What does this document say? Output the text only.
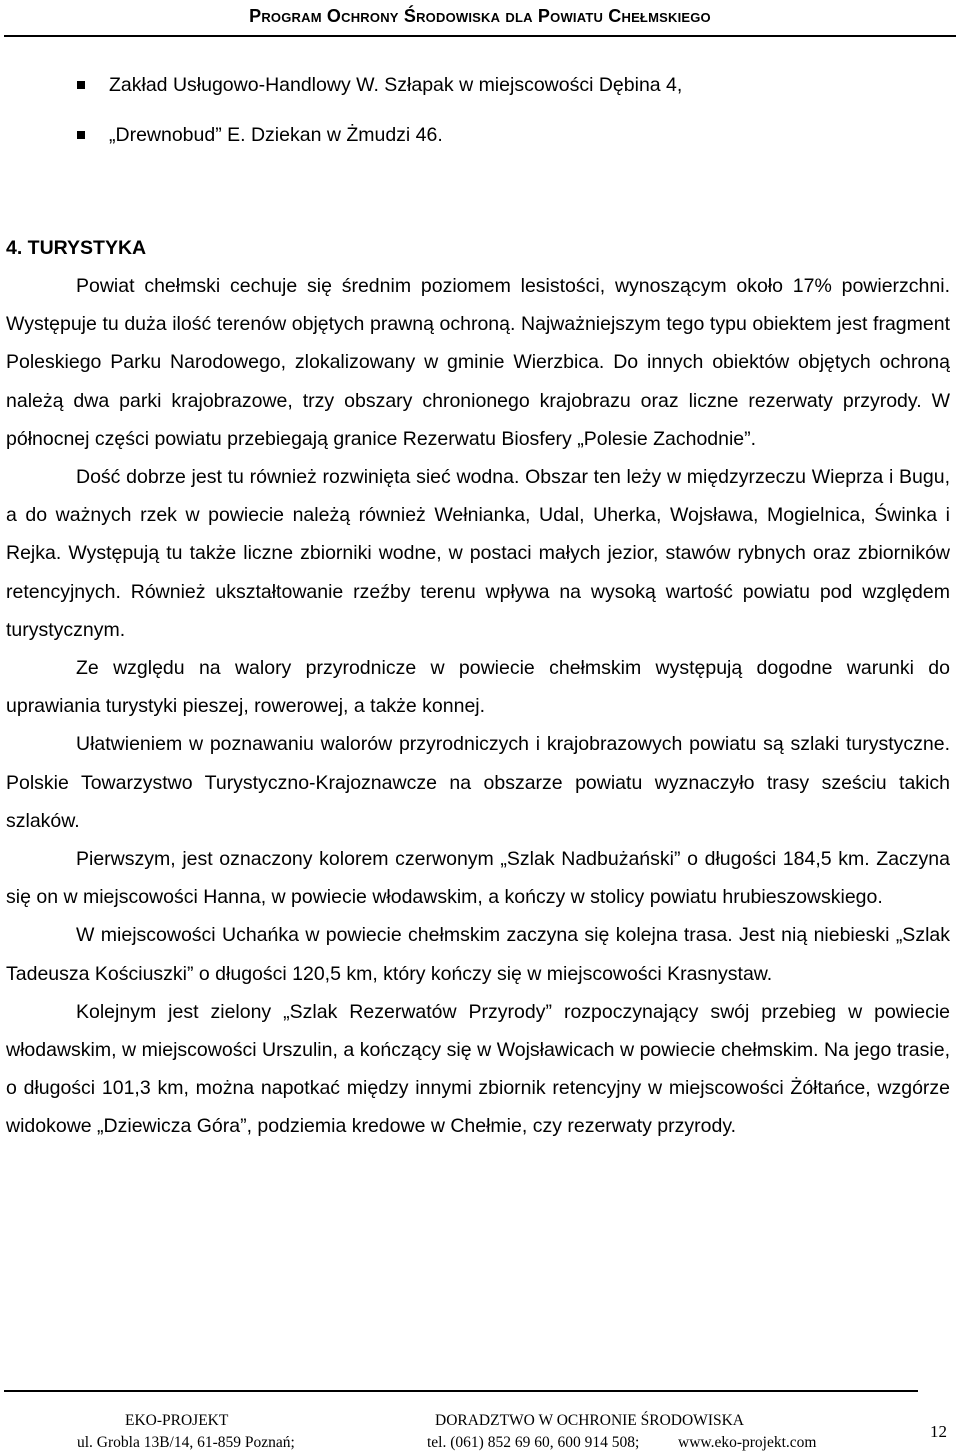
Program Ochrony Środowiska dla Powiatu Chełmskiego
Zakład Usługowo-Handlowy W. Szłapak w miejscowości Dębina 4,
„Drewnobud” E. Dziekan w Żmudzi 46.
4. TURYSTYKA

Powiat chełmski cechuje się średnim poziomem lesistości, wynoszącym około 17% powierzchni. Występuje tu duża ilość terenów objętych prawną ochroną. Najważniejszym tego typu obiektem jest fragment Poleskiego Parku Narodowego, zlokalizowany w gminie Wierzbica. Do innych obiektów objętych ochroną należą dwa parki krajobrazowe, trzy obszary chronionego krajobrazu oraz liczne rezerwaty przyrody. W północnej części powiatu przebiegają granice Rezerwatu Biosfery „Polesie Zachodnie”.

Dość dobrze jest tu również rozwinięta sieć wodna. Obszar ten leży w międzyrzeczu Wieprza i Bugu, a do ważnych rzek w powiecie należą również Wełnianka, Udal, Uherka, Wojsława, Mogielnica, Świnka i Rejka. Występują tu także liczne zbiorniki wodne, w postaci małych jezior, stawów rybnych oraz zbiorników retencyjnych. Również ukształtowanie rzeźby terenu wpływa na wysoką wartość powiatu pod względem turystycznym.

Ze względu na walory przyrodnicze w powiecie chełmskim występują dogodne warunki do uprawiania turystyki pieszej, rowerowej, a także konnej.

Ułatwieniem w poznawaniu walorów przyrodniczych i krajobrazowych powiatu są szlaki turystyczne. Polskie Towarzystwo Turystyczno-Krajoznawcze na obszarze powiatu wyznaczyło trasy sześciu takich szlaków.

Pierwszym, jest oznaczony kolorem czerwonym „Szlak Nadbużański” o długości 184,5 km. Zaczyna się on w miejscowości Hanna, w powiecie włodawskim, a kończy w stolicy powiatu hrubieszowskiego.

W miejscowości Uchańka w powiecie chełmskim zaczyna się kolejna trasa. Jest nią niebieski „Szlak Tadeusza Kościuszki” o długości 120,5 km, który kończy się w miejscowości Krasnystaw.

Kolejnym jest zielony „Szlak Rezerwatów Przyrody” rozpoczynający swój przebieg w powiecie włodawskim, w miejscowości Urszulin, a kończący się w Wojsławicach w powiecie chełmskim. Na jego trasie, o długości 101,3 km, można napotkać między innymi zbiornik retencyjny w miejscowości Żółtańce, wzgórze widokowe „Dziewicza Góra”, podziemia kredowe w Chełmie, czy rezerwaty przyrody.

12
EKO-PROJEKT	DORADZTWO W OCHRONIE ŚRODOWISKA
ul. Grobla 13B/14, 61-859 Poznań;	tel. (061) 852 69 60, 600 914 508;	www.eko-projekt.com
